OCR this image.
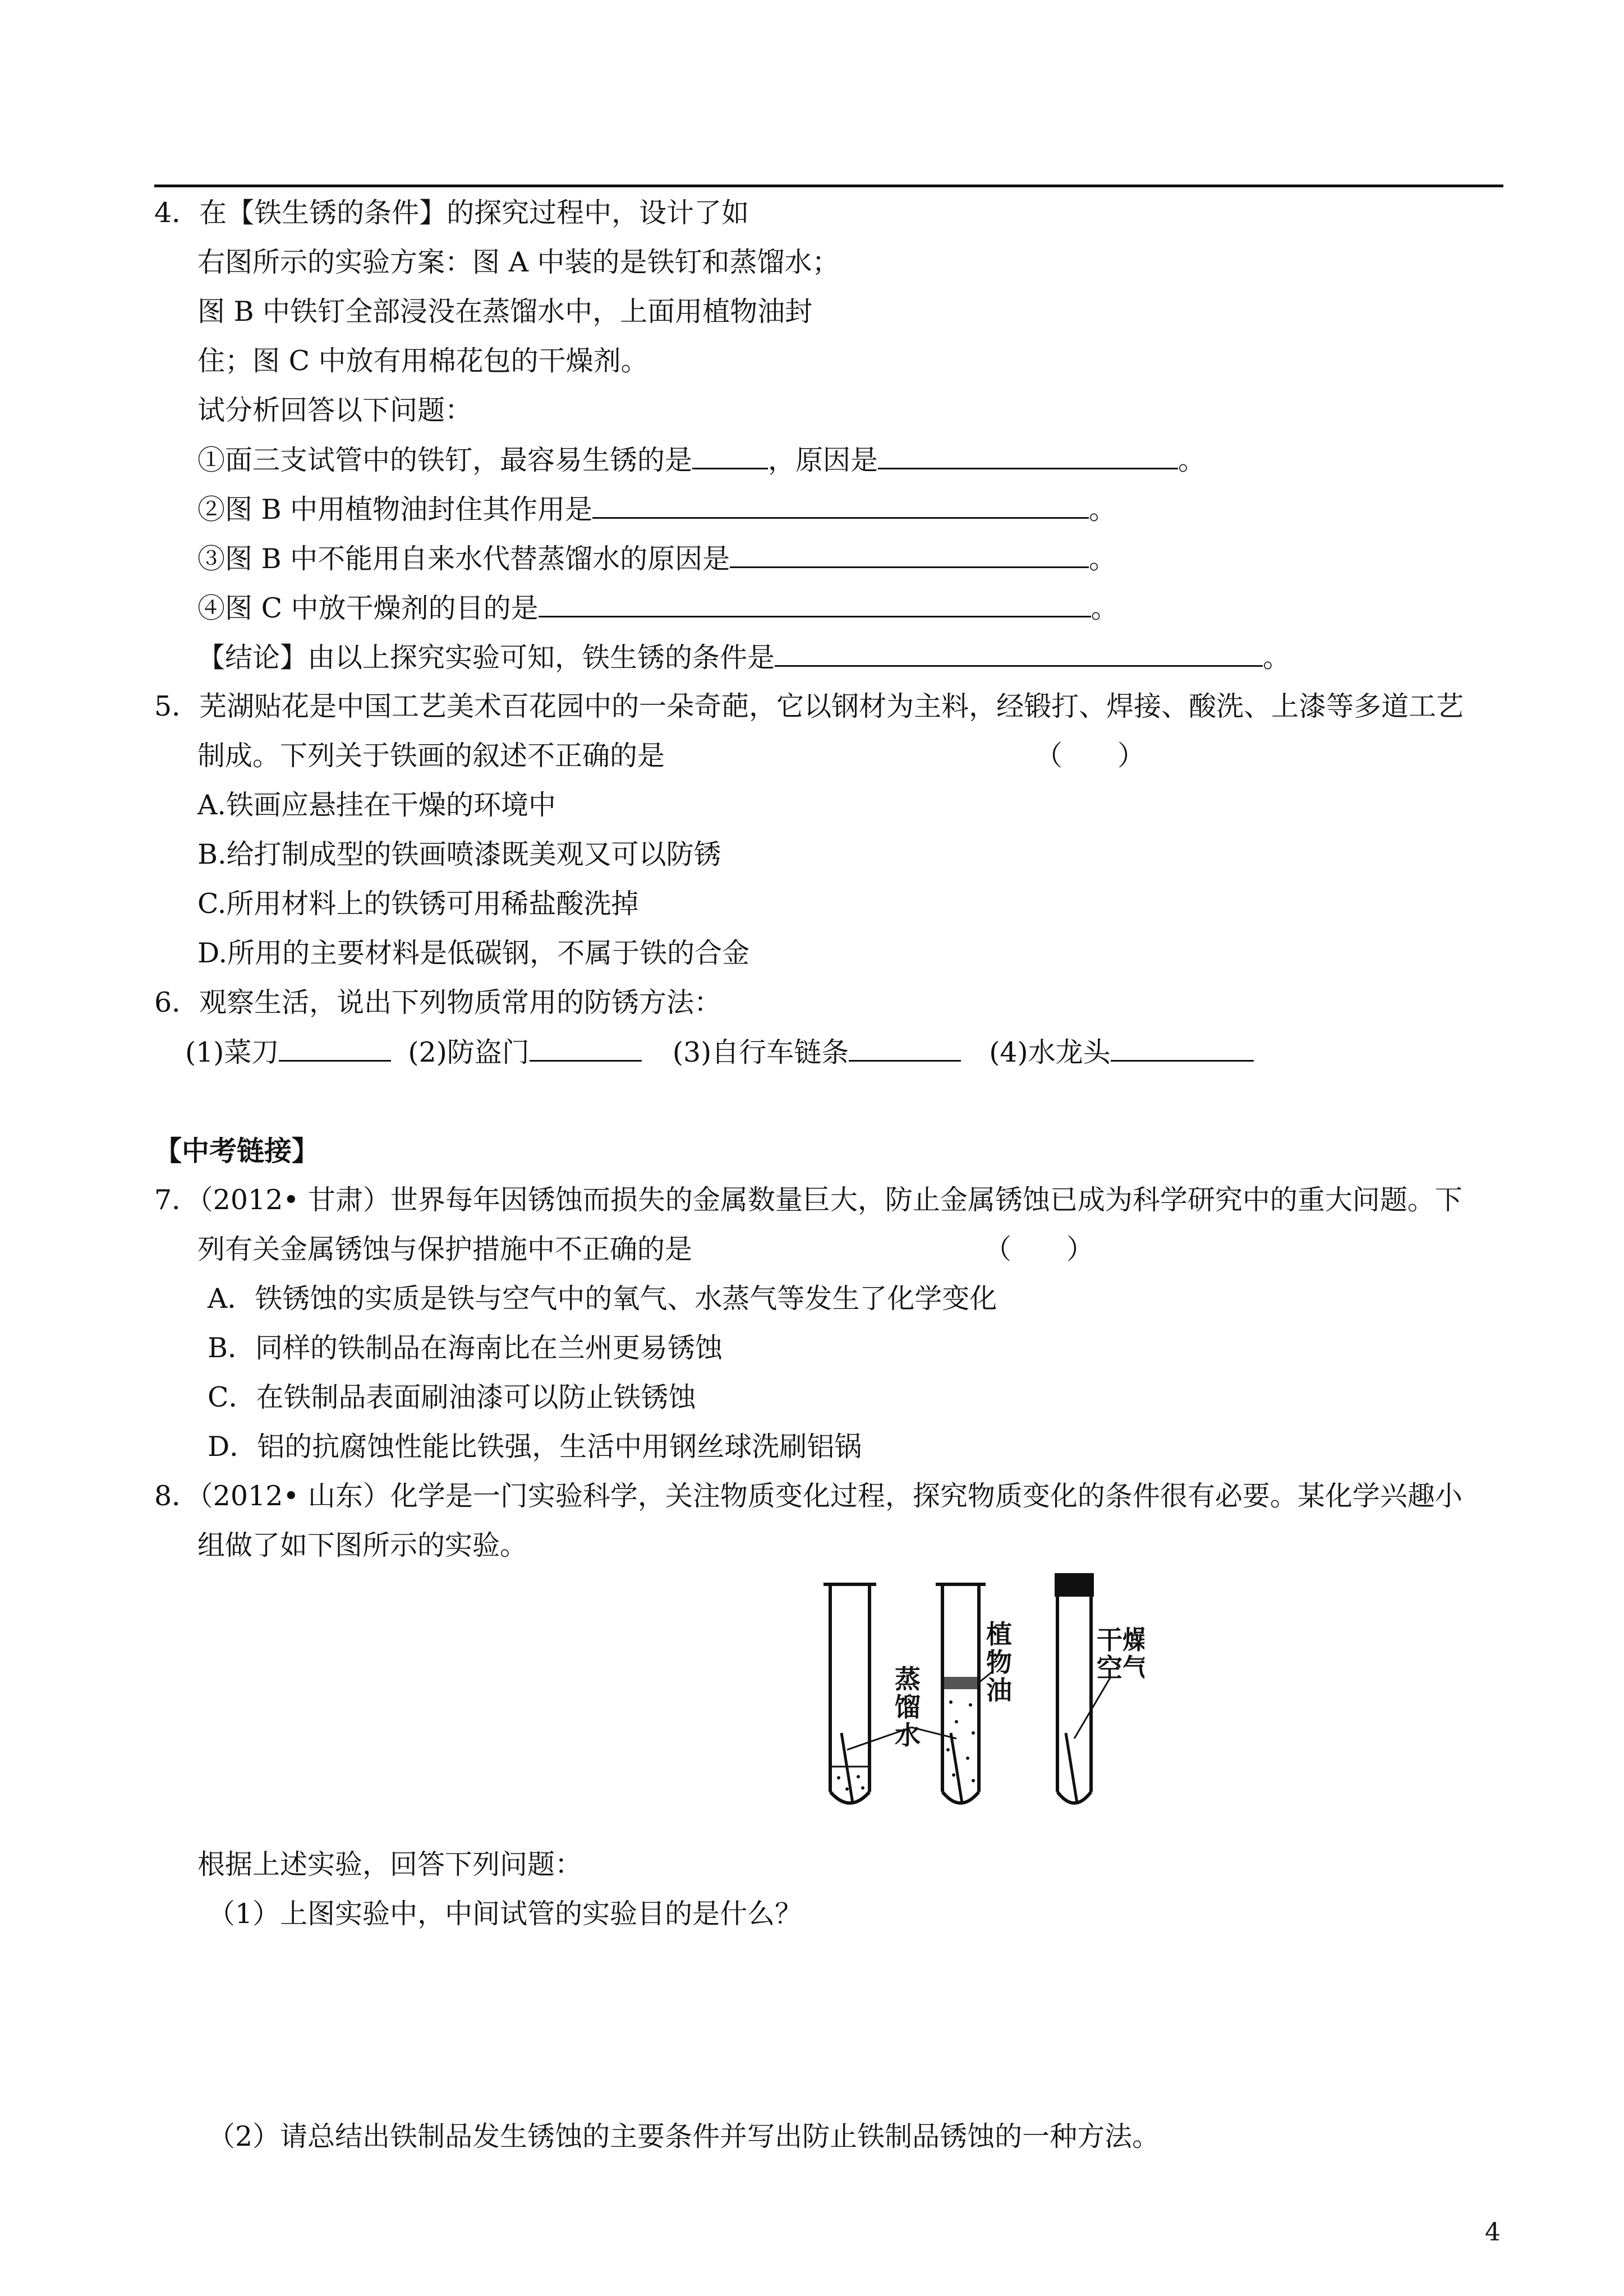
4．在【铁生锈的条件】的探究过程中，设计了如
右图所示的实验方案：图 A 中装的是铁钉和蒸馏水；
图 B 中铁钉全部浸没在蒸馏水中，上面用植物油封
住；图 C 中放有用棉花包的干燥剂。
试分析回答以下问题：
①面三支试管中的铁钉，最容易生锈的是	，原因是	。
②图 B 中用植物油封住其作用是	。
③图 B 中不能用自来水代替蒸馏水的原因是	。
④图 C 中放干燥剂的目的是	。
【结论】由以上探究实验可知，铁生锈的条件是	。
5．芜湖贴花是中国工艺美术百花园中的一朵奇葩，它以钢材为主料，经锻打、焊接、酸洗、上漆等多道工艺
制成。下列关于铁画的叙述不正确的是	（　　）
A.铁画应悬挂在干燥的环境中
B.给打制成型的铁画喷漆既美观又可以防锈
C.所用材料上的铁锈可用稀盐酸洗掉
D.所用的主要材料是低碳钢，不属于铁的合金
6．观察生活，说出下列物质常用的防锈方法：
(1)菜刀	(2)防盗门	(3)自行车链条	(4)水龙头
【中考链接】
7．（2012• 甘肃）世界每年因锈蚀而损失的金属数量巨大，防止金属锈蚀已成为科学研究中的重大问题。下
列有关金属锈蚀与保护措施中不正确的是	（　　）
A．铁锈蚀的实质是铁与空气中的氧气、水蒸气等发生了化学变化
B．同样的铁制品在海南比在兰州更易锈蚀
C．在铁制品表面刷油漆可以防止铁锈蚀
D．铝的抗腐蚀性能比铁强，生活中用钢丝球洗刷铝锅
8．（2012• 山东）化学是一门实验科学，关注物质变化过程，探究物质变化的条件很有必要。某化学兴趣小
组做了如下图所示的实验。
蒸
馏
水
植
物
油
干燥
空气
根据上述实验，回答下列问题：
（1）上图实验中，中间试管的实验目的是什么？
（2）请总结出铁制品发生锈蚀的主要条件并写出防止铁制品锈蚀的一种方法。
4
